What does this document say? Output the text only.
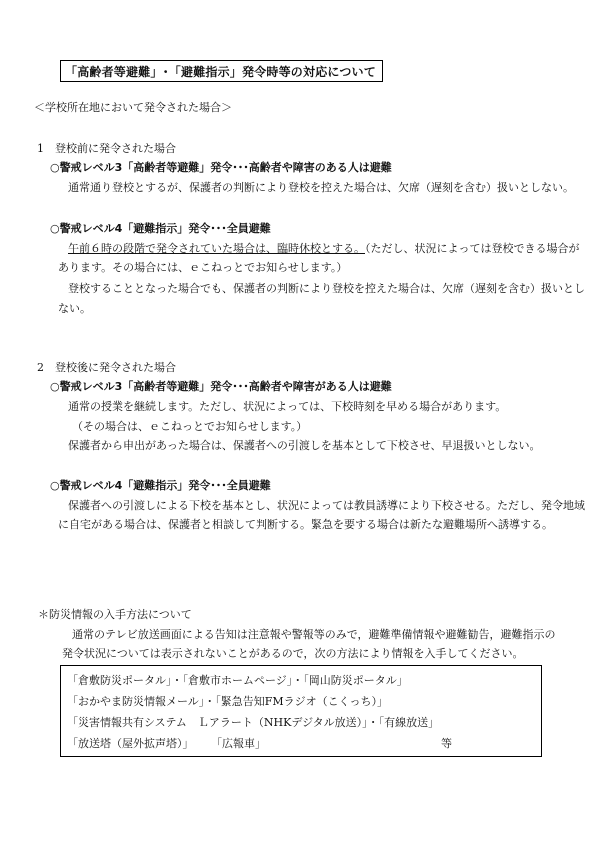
「高齢者等避難」･「避難指示」発令時等の対応について
＜学校所在地において発令された場合＞
1　登校前に発令された場合
○警戒レベル3「高齢者等避難」発令･･･高齢者や障害のある人は避難
通常通り登校とするが、保護者の判断により登校を控えた場合は、欠席（遅刻を含む）扱いとしない。
○警戒レベル4「避難指示」発令･･･全員避難
午前６時の段階で発令されていた場合は、臨時休校とする。（ただし、状況によっては登校できる場合が
あります。その場合には、ｅこねっとでお知らせします。）
登校することとなった場合でも、保護者の判断により登校を控えた場合は、欠席（遅刻を含む）扱いとし
ない。
2　登校後に発令された場合
○警戒レベル3「高齢者等避難」発令･･･高齢者や障害がある人は避難
通常の授業を継続します。ただし、状況によっては、下校時刻を早める場合があります。
（その場合は、ｅこねっとでお知らせします。）
保護者から申出があった場合は、保護者への引渡しを基本として下校させ、早退扱いとしない。
○警戒レベル4「避難指示」発令･･･全員避難
保護者への引渡しによる下校を基本とし、状況によっては教員誘導により下校させる。ただし、発令地域
に自宅がある場合は、保護者と相談して判断する。緊急を要する場合は新たな避難場所へ誘導する。
＊防災情報の入手方法について
通常のテレビ放送画面による告知は注意報や警報等のみで，避難準備情報や避難勧告，避難指示の
発令状況については表示されないことがあるので，次の方法により情報を入手してください。
「倉敷防災ポータル」・「倉敷市ホームページ」・「岡山防災ポータル」
「おかやま防災情報メール」・「緊急告知FMラジオ（こくっち）」
「災害情報共有システム　Ｌアラート（NHKデジタル放送）」・「有線放送」
「放送塔（屋外拡声塔）」 「広報車」	等
